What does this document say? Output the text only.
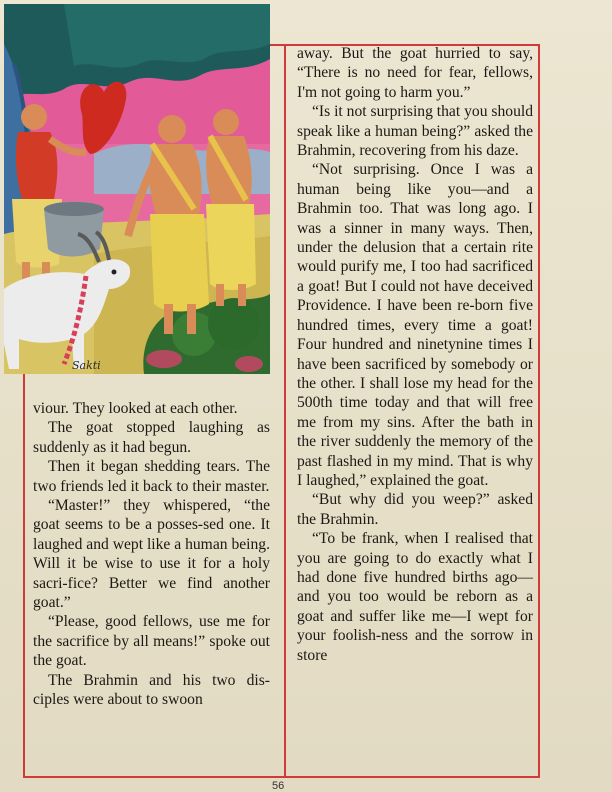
Sakti

away. But the goat hurried to say, “There is no need for fear, fellows, I'm not going to harm you.”

“Is it not surprising that you should speak like a human being?” asked the Brahmin, recovering from his daze.

“Not surprising. Once I was a human being like you—and a Brahmin too. That was long ago. I was a sinner in many ways. Then, under the delusion that a certain rite would purify me, I too had sacrificed a goat! But I could not have deceived Providence. I have been re-born five hundred times, every time a goat! Four hundred and ninetynine times I have been sacrificed by somebody or the other. I shall lose my head for the 500th time today and that will free me from my sins. After the bath in the river suddenly the memory of the past flashed in my mind. That is why I laughed,” explained the goat.

“But why did you weep?” asked the Brahmin.

“To be frank, when I realised that you are going to do exactly what I had done five hundred births ago—and you too would be reborn as a goat and suffer like me—I wept for your foolish-ness and the sorrow in store

viour. They looked at each other.

The goat stopped laughing as suddenly as it had begun.

Then it began shedding tears. The two friends led it back to their master.

“Master!” they whispered, “the goat seems to be a posses-sed one. It laughed and wept like a human being. Will it be wise to use it for a holy sacri-fice? Better we find another goat.”

“Please, good fellows, use me for the sacrifice by all means!” spoke out the goat.

The Brahmin and his two dis-ciples were about to swoon

56
